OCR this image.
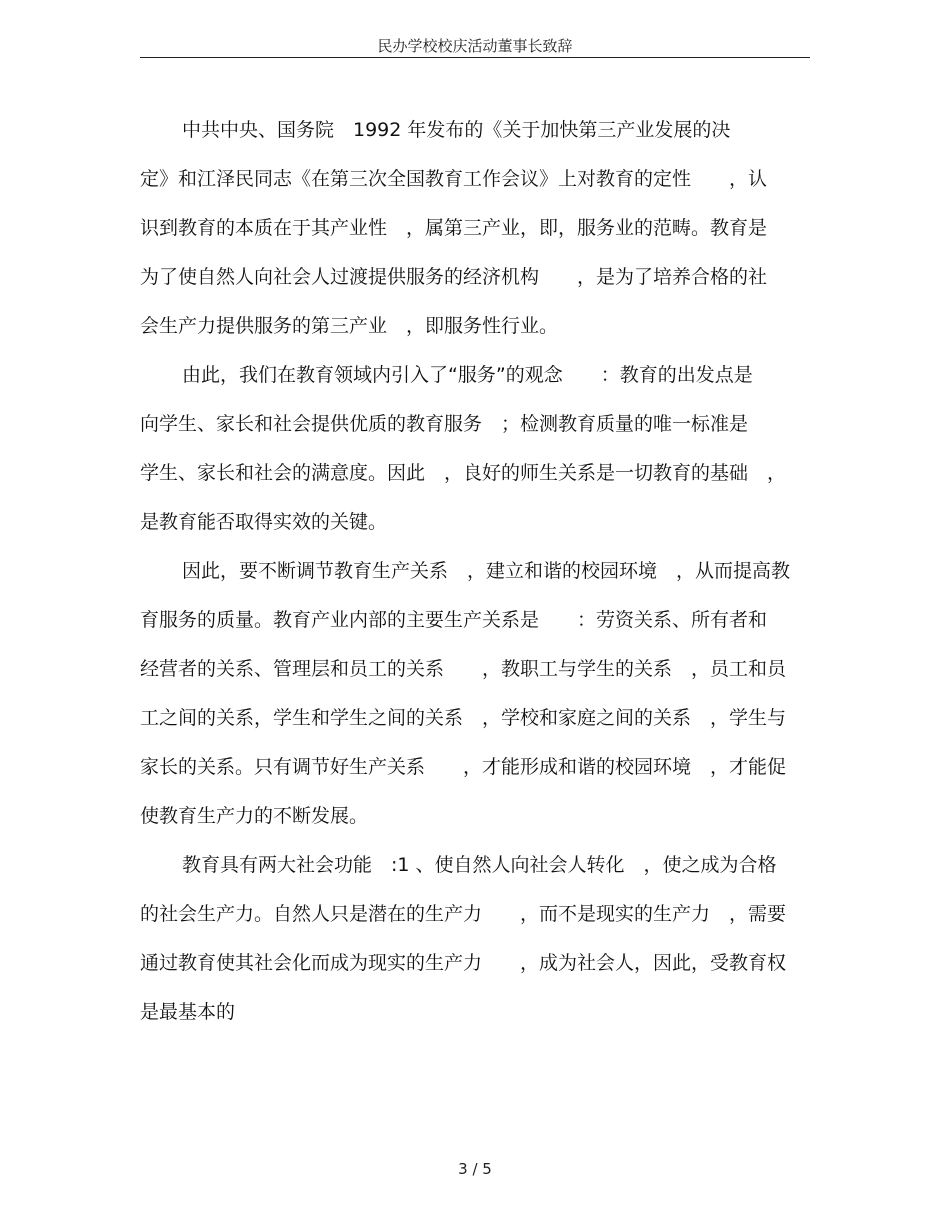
民办学校校庆活动董事长致辞
中共中央、国务院　1992 年发布的《关于加快第三产业发展的决
定》和江泽民同志《在第三次全国教育工作会议》上对教育的定性　　，认
识到教育的本质在于其产业性　，属第三产业，即，服务业的范畴。教育是
为了使自然人向社会人过渡提供服务的经济机构　　，是为了培养合格的社
会生产力提供服务的第三产业　，即服务性行业。
由此，我们在教育领域内引入了“服务”的观念　　：教育的出发点是
向学生、家长和社会提供优质的教育服务　；检测教育质量的唯一标准是
学生、家长和社会的满意度。因此　，良好的师生关系是一切教育的基础　，
是教育能否取得实效的关键。
因此，要不断调节教育生产关系　，建立和谐的校园环境　，从而提高教
育服务的质量。教育产业内部的主要生产关系是　　：劳资关系、所有者和
经营者的关系、管理层和员工的关系　　，教职工与学生的关系　，员工和员
工之间的关系，学生和学生之间的关系　，学校和家庭之间的关系　，学生与
家长的关系。只有调节好生产关系　　，才能形成和谐的校园环境　，才能促
使教育生产力的不断发展。
教育具有两大社会功能　:1 、使自然人向社会人转化　，使之成为合格
的社会生产力。自然人只是潜在的生产力　　，而不是现实的生产力　，需要
通过教育使其社会化而成为现实的生产力　　，成为社会人，因此，受教育权
是最基本的
3 / 5
